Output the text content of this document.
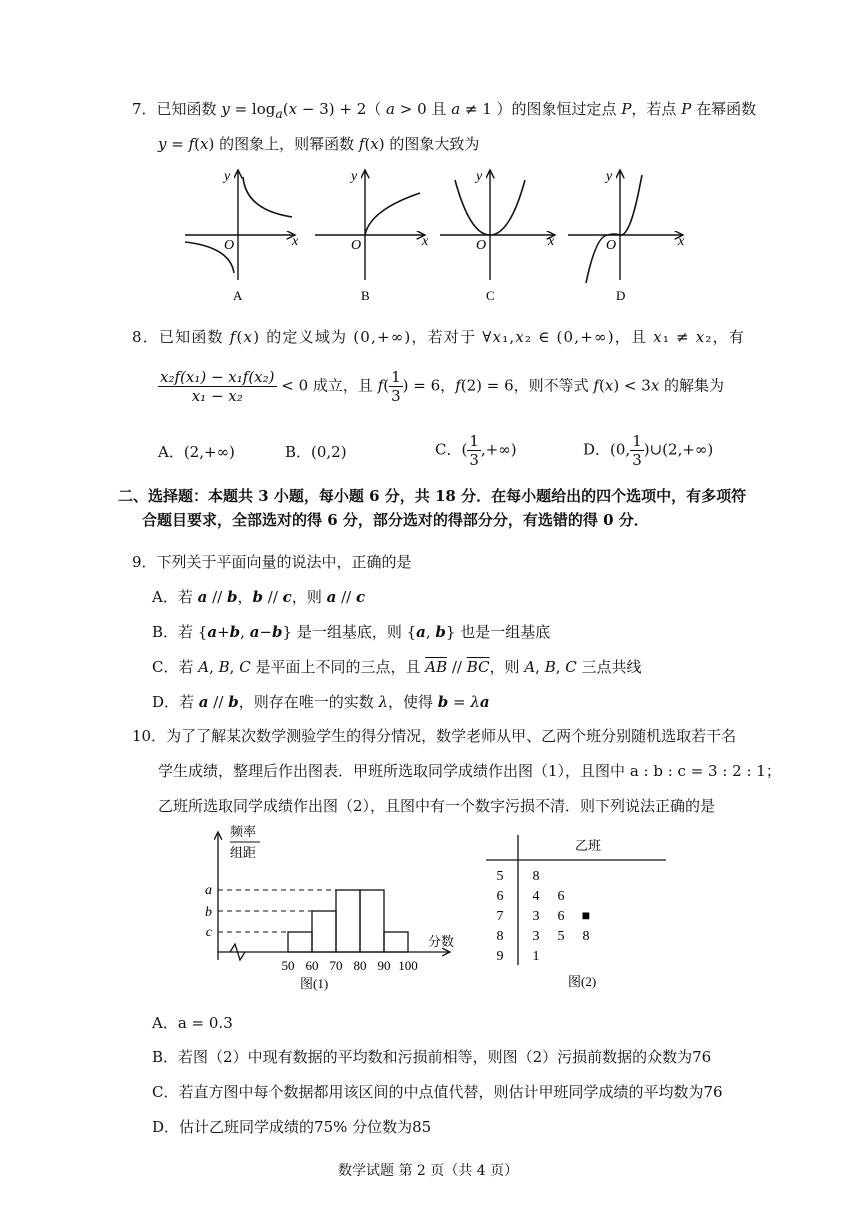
7．已知函数 $y = \log_a(x - 3) + 2$（ a > 0 且 a ≠ 1 ）的图象恒过定点 P，若点 P 在幂函数
y = f(x) 的图象上，则幂函数 f(x) 的图象大致为
y
x
O
A
y
x
O
B
y
x
O
C
y
x
O
D
8．已知函数 f(x) 的定义域为 (0,+∞)，若对于 ∀x₁,x₂ ∈ (0,+∞)，且 x₁ ≠ x₂，有
$\frac{\text{x₂f(x₁) − x₁f(x₂)}}{\text{x₁ − x₂}} < 0$ 成立，且 $f( \frac{1}{3}$ ) = 6，f(2) = 6，则不等式 f(x) < 3x 的解集为
A．(2,+∞)	B．(0,2)	C．( $\frac{1}{3}$ ,+∞)	D．(0, $\frac{1}{3}$ )∪(2,+∞)
二、选择题：本题共 3 小题，每小题 6 分，共 18 分．在每小题给出的四个选项中，有多项符
合题目要求，全部选对的得 6 分，部分选对的得部分分，有选错的得 0 分．
9．下列关于平面向量的说法中，正确的是
A．若 a // b，b // c，则 a // c
B．若 {a+b, a−b} 是一组基底，则 {a, b} 也是一组基底
C．若 A, B, C 是平面上不同的三点，且 $\overline{AB} // \overline{BC}$，则 A, B, C 三点共线
D．若 a // b，则存在唯一的实数 λ，使得 b = λa
10．为了了解某次数学测验学生的得分情况，数学老师从甲、乙两个班分别随机选取若干名
学生成绩，整理后作出图表．甲班所选取同学成绩作出图（1），且图中 a : b : c = 3 : 2 : 1；
乙班所选取同学成绩作出图（2），且图中有一个数字污损不清．则下列说法正确的是
频率
组距
a
b
c
分数
50 60 70 80 90 100
图(1)
乙班
5 8
6 4 6
7 3 6 ■
8 3 5 8
9 1
图(2)
A．a = 0.3
B．若图（2）中现有数据的平均数和污损前相等，则图（2）污损前数据的众数为76
C．若直方图中每个数据都用该区间的中点值代替，则估计甲班同学成绩的平均数为76
D．估计乙班同学成绩的75% 分位数为85
数学试题 第 2 页（共 4 页）
